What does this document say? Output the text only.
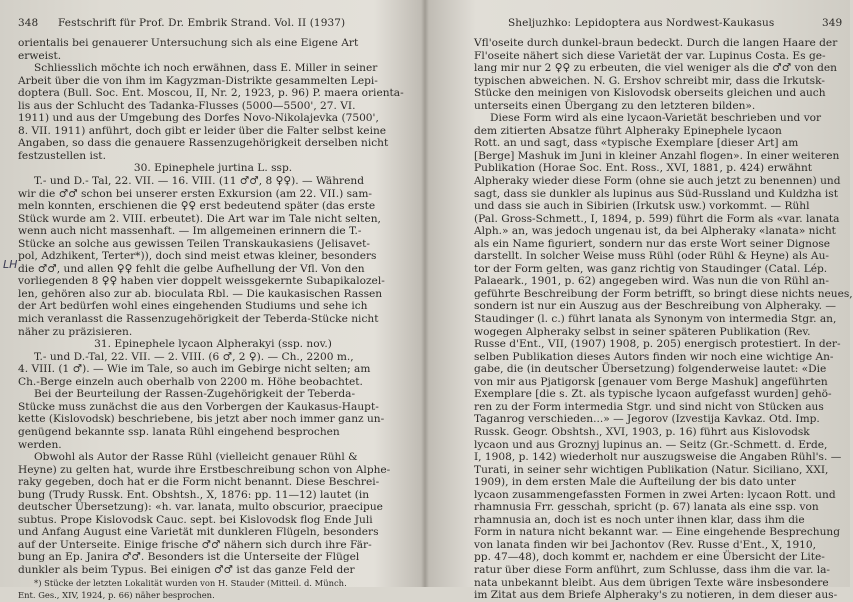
348 Festschrift für Prof. Dr. Embrik Strand. Vol. II (1937)
LH
orientalis bei genauerer Untersuchung sich als eine Eigene Art
erweist.
Schliesslich möchte ich noch erwähnen, dass E. Miller in seiner
Arbeit über die von ihm im Kagyzman-Distrikte gesammelten Lepi-
doptera (Bull. Soc. Ent. Moscou, II, Nr. 2, 1923, p. 96) P. maera orienta-
lis aus der Schlucht des Tadanka-Flusses (5000—5500', 27. VI.
1911) und aus der Umgebung des Dorfes Novo-Nikolajevka (7500',
8. VII. 1911) anführt, doch gibt er leider über die Falter selbst keine
Angaben, so dass die genauere Rassenzugehörigkeit derselben nicht
festzustellen ist.
30. Epinephele jurtina L. ssp.
T.- und D.- Tal, 22. VII. — 16. VIII. (11 ♂♂, 8 ♀♀). — Während
wir die ♂♂ schon bei unserer ersten Exkursion (am 22. VII.) sam-
meln konnten, erschienen die ♀♀ erst bedeutend später (das erste
Stück wurde am 2. VIII. erbeutet). Die Art war im Tale nicht selten,
wenn auch nicht massenhaft. — Im allgemeinen erinnern die T.-
Stücke an solche aus gewissen Teilen Transkaukasiens (Jelisavet-
pol, Adzhikent, Terter*)), doch sind meist etwas kleiner, besonders
die ♂♂, und allen ♀♀ fehlt die gelbe Aufhellung der Vfl. Von den
vorliegenden 8 ♀♀ haben vier doppelt weissgekernte Subapikalozel-
len, gehören also zur ab. bioculata Rbl. — Die kaukasischen Rassen
der Art bedürfen wohl eines eingehenden Studiums und sehe ich
mich veranlasst die Rassenzugehörigkeit der Teberda-Stücke nicht
näher zu präzisieren.
31. Epinephele lycaon Alpherakyi (ssp. nov.)
T.- und D.-Tal, 22. VII. — 2. VIII. (6 ♂, 2 ♀). — Ch., 2200 m.,
4. VIII. (1 ♂). — Wie im Tale, so auch im Gebirge nicht selten; am
Ch.-Berge einzeln auch oberhalb von 2200 m. Höhe beobachtet.
Bei der Beurteilung der Rassen-Zugehörigkeit der Teberda-
Stücke muss zunächst die aus den Vorbergen der Kaukasus-Haupt-
kette (Kislovodsk) beschriebene, bis jetzt aber noch immer ganz un-
genügend bekannte ssp. lanata Rühl eingehend besprochen
werden.
Obwohl als Autor der Rasse Rühl (vielleicht genauer Rühl &
Heyne) zu gelten hat, wurde ihre Erstbeschreibung schon von Alphe-
raky gegeben, doch hat er die Form nicht benannt. Diese Beschrei-
bung (Trudy Russk. Ent. Obshtsh., X, 1876: pp. 11—12) lautet (in
deutscher Übersetzung): «h. var. lanata, multo obscurior, praecipue
subtus. Prope Kislovodsk Cauc. sept. bei Kislovodsk flog Ende Juli
und Anfang August eine Varietät mit dunkleren Flügeln, besonders
auf der Unterseite. Einige frische ♂♂ nähern sich durch ihre Fär-
bung an Ep. Janira ♂♂. Besonders ist die Unterseite der Flügel
dunkler als beim Typus. Bei einigen ♂♂ ist das ganze Feld der
*) Stücke der letzten Lokalität wurden von H. Stauder (Mitteil. d. Münch.
Ent. Ges., XIV, 1924, p. 66) näher besprochen.
Sheljuzhko: Lepidoptera aus Nordwest-Kaukasus	349
Vfl'oseite durch dunkel-braun bedeckt. Durch die langen Haare der
Fl'oseite nähert sich diese Varietät der var. Lupinus Costa. Es ge-
lang mir nur 2 ♀♀ zu erbeuten, die viel weniger als die ♂♂ von den
typischen abweichen. N. G. Ershov schreibt mir, dass die Irkutsk-
Stücke den meinigen von Kislovodsk oberseits gleichen und auch
unterseits einen Übergang zu den letzteren bilden».
Diese Form wird als eine lycaon-Varietät beschrieben und vor
dem zitierten Absatze führt Alpheraky Epinephele lycaon
Rott. an und sagt, dass «typische Exemplare [dieser Art] am
[Berge] Mashuk im Juni in kleiner Anzahl flogen». In einer weiteren
Publikation (Horae Soc. Ent. Ross., XVI, 1881, p. 424) erwähnt
Alpheraky wieder diese Form (ohne sie auch jetzt zu benennen) und
sagt, dass sie dunkler als lupinus aus Süd-Russland und Kuldzha ist
und dass sie auch in Sibirien (Irkutsk usw.) vorkommt. — Rühl
(Pal. Gross-Schmett., I, 1894, p. 599) führt die Form als «var. lanata
Alph.» an, was jedoch ungenau ist, da bei Alpheraky «lanata» nicht
als ein Name figuriert, sondern nur das erste Wort seiner Dignose
darstellt. In solcher Weise muss Rühl (oder Rühl & Heyne) als Au-
tor der Form gelten, was ganz richtig von Staudinger (Catal. Lép.
Palaeark., 1901, p. 62) angegeben wird. Was nun die von Rühl an-
geführte Beschreibung der Form betrifft, so bringt diese nichts neues,
sondern ist nur ein Auszug aus der Beschreibung von Alpheraky. —
Staudinger (l. c.) führt lanata als Synonym von intermedia Stgr. an,
wogegen Alpheraky selbst in seiner späteren Publikation (Rev.
Russe d'Ent., VII, (1907) 1908, p. 205) energisch protestiert. In der-
selben Publikation dieses Autors finden wir noch eine wichtige An-
gabe, die (in deutscher Übersetzung) folgenderweise lautet: «Die
von mir aus Pjatigorsk [genauer vom Berge Mashuk] angeführten
Exemplare [die s. Zt. als typische lycaon aufgefasst wurden] gehö-
ren zu der Form intermedia Stgr. und sind nicht von Stücken aus
Taganrog verschieden...» — Jegorov (Izvestija Kavkaz. Otd. Imp.
Russk. Geogr. Obshtsh., XVI, 1903, p. 16) führt aus Kislovodsk
lycaon und aus Groznyj lupinus an. — Seitz (Gr.-Schmett. d. Erde,
I, 1908, p. 142) wiederholt nur auszugsweise die Angaben Rühl's. —
Turati, in seiner sehr wichtigen Publikation (Natur. Siciliano, XXI,
1909), in dem ersten Male die Aufteilung der bis dato unter
lycaon zusammengefassten Formen in zwei Arten: lycaon Rott. und
rhamnusia Frr. gesschah, spricht (p. 67) lanata als eine ssp. von
rhamnusia an, doch ist es noch unter ihnen klar, dass ihm die
Form in natura nicht bekannt war. — Eine eingehende Besprechung
von lanata finden wir bei Jachontov (Rev. Russe d'Ent., X, 1910,
pp. 47—48), doch kommt er, nachdem er eine Übersicht der Lite-
ratur über diese Form anführt, zum Schlusse, dass ihm die var. la-
nata unbekannt bleibt. Aus dem übrigen Texte wäre insbesondere
im Zitat aus dem Briefe Alpheraky's zu notieren, in dem dieser aus-
